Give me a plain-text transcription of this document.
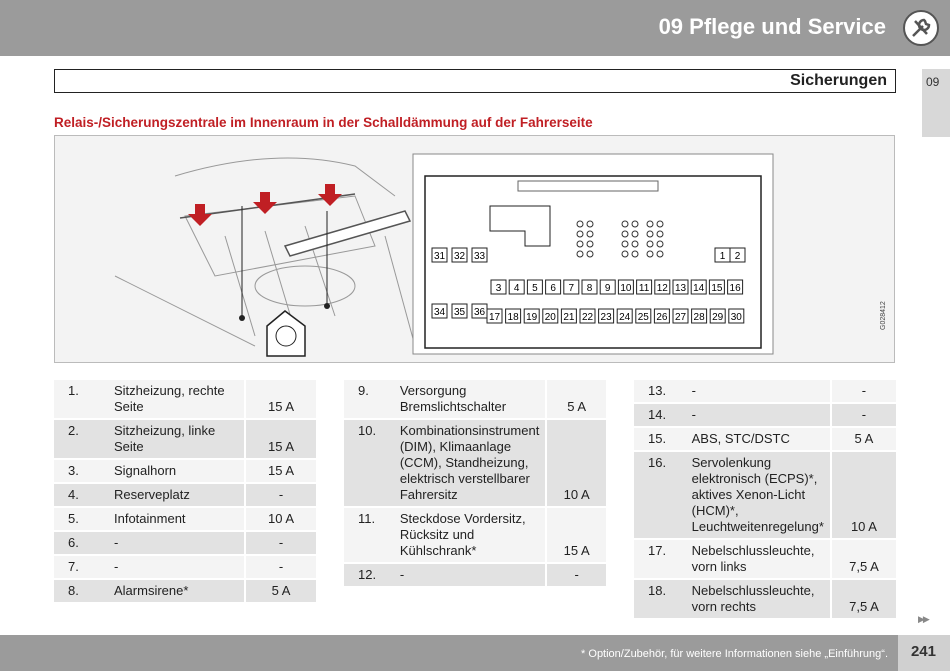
09 Pflege und Service
Sicherungen	09
Relais-/Sicherungszentrale im Innenraum in der Schalldämmung auf der Fahrerseite
1 2
3 4 5 6 7 8 9 10 11 12 13 14 15 16
17 18 19 20 21 22 23 24 25 26 27 28 29 30
31 32 33
34 35 36	G028412
1.	Sitzheizung, rechte Seite	15 A
2.	Sitzheizung, linke Seite	15 A
3.	Signalhorn	15 A
4.	Reserveplatz	-
5.	Infotainment	10 A
6.	-	-
7.	-	-
8.	Alarmsirene*	5 A
9.	Versorgung Bremslichtschalter	5 A
10.	Kombinationsinstrument (DIM), Klimaanlage (CCM), Standheizung, elektrisch verstellbarer Fahrersitz	10 A
11.	Steckdose Vordersitz, Rücksitz und Kühlschrank*	15 A
12.	-	-
13.	-	-
14.	-	-
15.	ABS, STC/DSTC	5 A
16.	Servolenkung elektronisch (ECPS)*, aktives Xenon-Licht (HCM)*, Leuchtweitenregelung*	10 A
17.	Nebelschlussleuchte, vorn links	7,5 A
18.	Nebelschlussleuchte, vorn rechts	7,5 A
▶▶
* Option/Zubehör, für weitere Informationen siehe „Einführung“. 241
